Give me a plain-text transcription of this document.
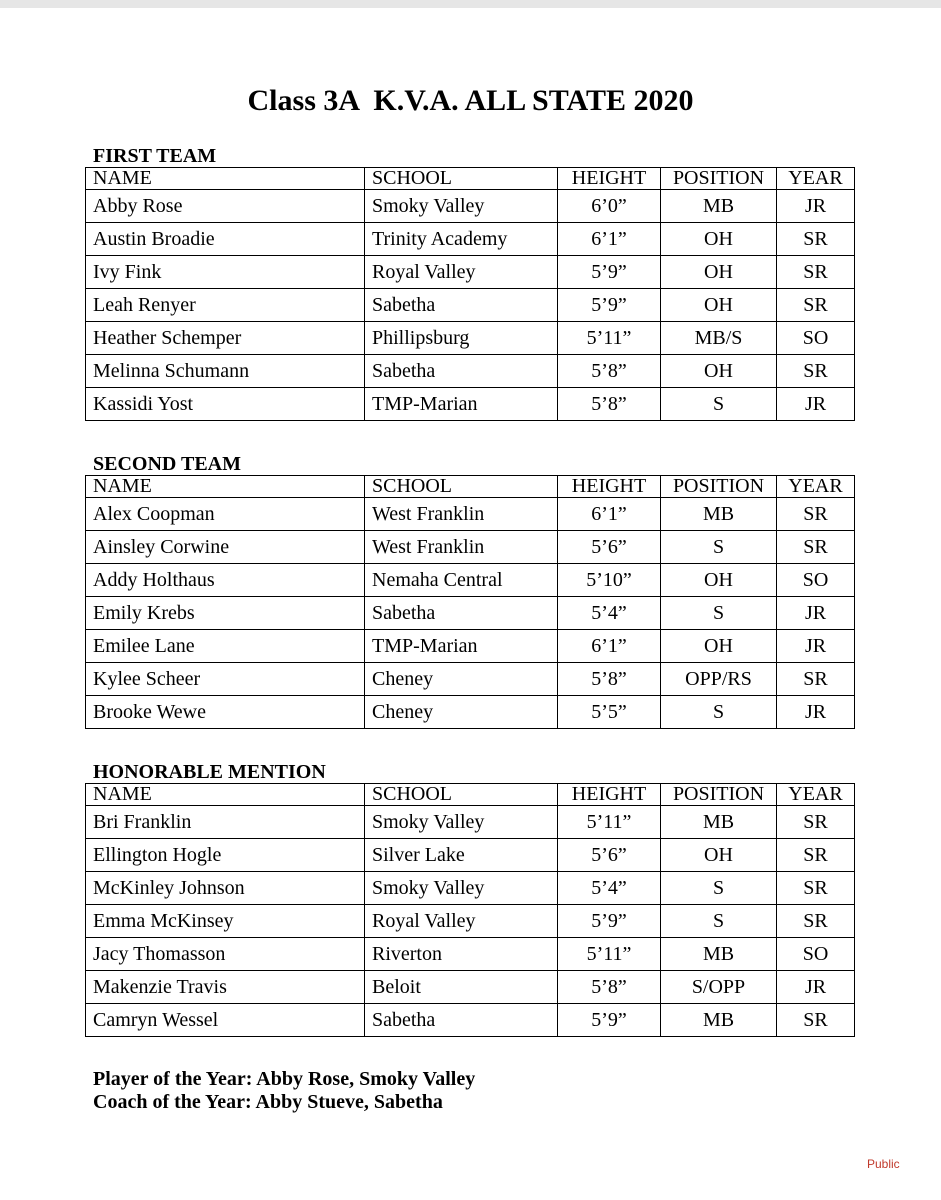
Class 3A  K.V.A. ALL STATE 2020
FIRST TEAM
NAME	SCHOOL	HEIGHT	POSITION	YEAR
Abby Rose	Smoky Valley	6’0”	MB	JR
Austin Broadie	Trinity Academy	6’1”	OH	SR
Ivy Fink	Royal Valley	5’9”	OH	SR
Leah Renyer	Sabetha	5’9”	OH	SR
Heather Schemper	Phillipsburg	5’11”	MB/S	SO
Melinna Schumann	Sabetha	5’8”	OH	SR
Kassidi Yost	TMP-Marian	5’8”	S	JR
SECOND TEAM
NAME	SCHOOL	HEIGHT	POSITION	YEAR
Alex Coopman	West Franklin	6’1”	MB	SR
Ainsley Corwine	West Franklin	5’6”	S	SR
Addy Holthaus	Nemaha Central	5’10”	OH	SO
Emily Krebs	Sabetha	5’4”	S	JR
Emilee Lane	TMP-Marian	6’1”	OH	JR
Kylee Scheer	Cheney	5’8”	OPP/RS	SR
Brooke Wewe	Cheney	5’5”	S	JR
HONORABLE MENTION
NAME	SCHOOL	HEIGHT	POSITION	YEAR
Bri Franklin	Smoky Valley	5’11”	MB	SR
Ellington Hogle	Silver Lake	5’6”	OH	SR
McKinley Johnson	Smoky Valley	5’4”	S	SR
Emma McKinsey	Royal Valley	5’9”	S	SR
Jacy Thomasson	Riverton	5’11”	MB	SO
Makenzie Travis	Beloit	5’8”	S/OPP	JR
Camryn Wessel	Sabetha	5’9”	MB	SR
Player of the Year: Abby Rose, Smoky Valley
Coach of the Year: Abby Stueve, Sabetha
Public
